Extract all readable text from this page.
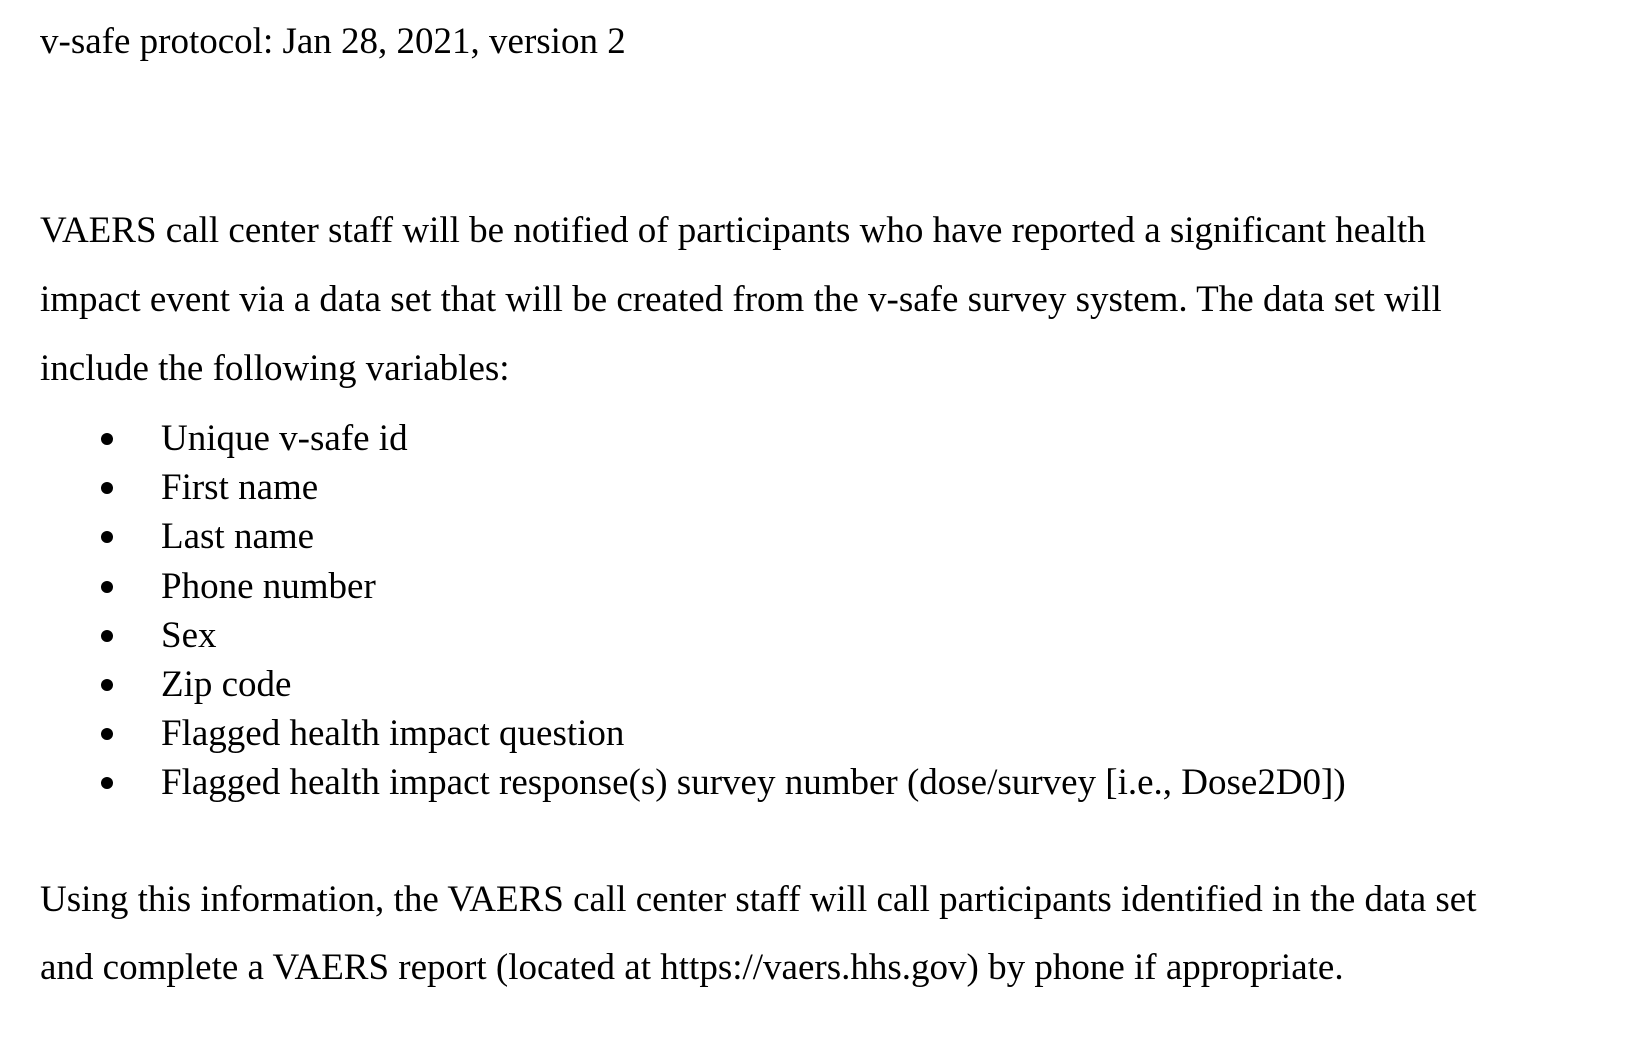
v-safe protocol: Jan 28, 2021, version 2

VAERS call center staff will be notified of participants who have reported a significant health
impact event via a data set that will be created from the v-safe survey system. The data set will
include the following variables:

Unique v-safe id
First name
Last name
Phone number
Sex
Zip code
Flagged health impact question
Flagged health impact response(s) survey number (dose/survey [i.e., Dose2D0])

Using this information, the VAERS call center staff will call participants identified in the data set
and complete a VAERS report (located at https://vaers.hhs.gov) by phone if appropriate.
